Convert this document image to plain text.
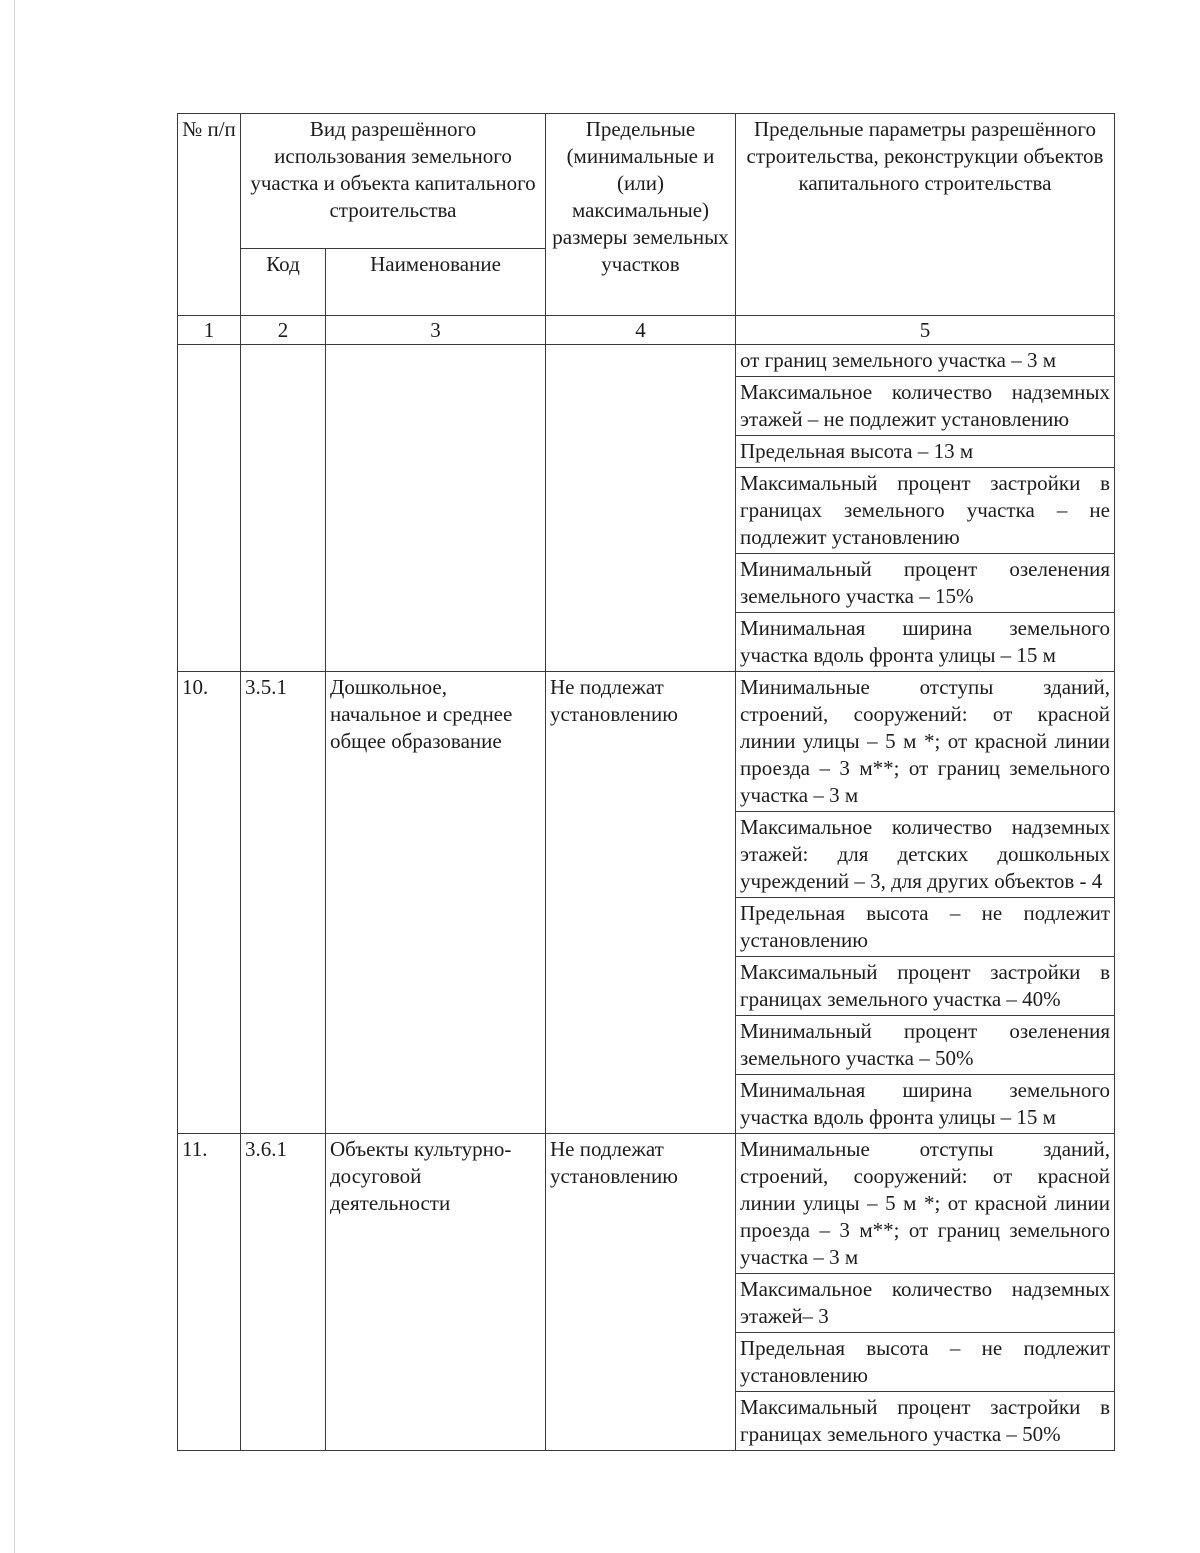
№ п/п	Вид разрешённого использования земельного участка и объекта капитального строительства		Предельные (минимальные и (или) максимальные) размеры земельных участков	Предельные параметры разрешённого строительства, реконструкции объектов капитального строительства
	Код	Наименование		
1	2	3	4	5
				от границ земельного участка – 3 м
				Максимальное количество надземных этажей – не подлежит установлению
				Предельная высота – 13 м
				Максимальный процент застройки в границах земельного участка – не подлежит установлению
				Минимальный процент озеленения земельного участка – 15%
				Минимальная ширина земельного участка вдоль фронта улицы – 15 м
10.	3.5.1	Дошкольное, начальное и среднее общее образование	Не подлежат установлению	Минимальные отступы зданий, строений, сооружений: от красной линии улицы – 5 м *; от красной линии проезда – 3 м**; от границ земельного участка – 3 м
				Максимальное количество надземных этажей: для детских дошкольных учреждений – 3, для других объектов - 4
				Предельная высота – не подлежит установлению
				Максимальный процент застройки в границах земельного участка – 40%
				Минимальный процент озеленения земельного участка – 50%
				Минимальная ширина земельного участка вдоль фронта улицы – 15 м
11.	3.6.1	Объекты культурно-досуговой деятельности	Не подлежат установлению	Минимальные отступы зданий, строений, сооружений: от красной линии улицы – 5 м *; от красной линии проезда – 3 м**; от границ земельного участка – 3 м
				Максимальное количество надземных этажей– 3
				Предельная высота – не подлежит установлению
				Максимальный процент застройки в границах земельного участка – 50%
